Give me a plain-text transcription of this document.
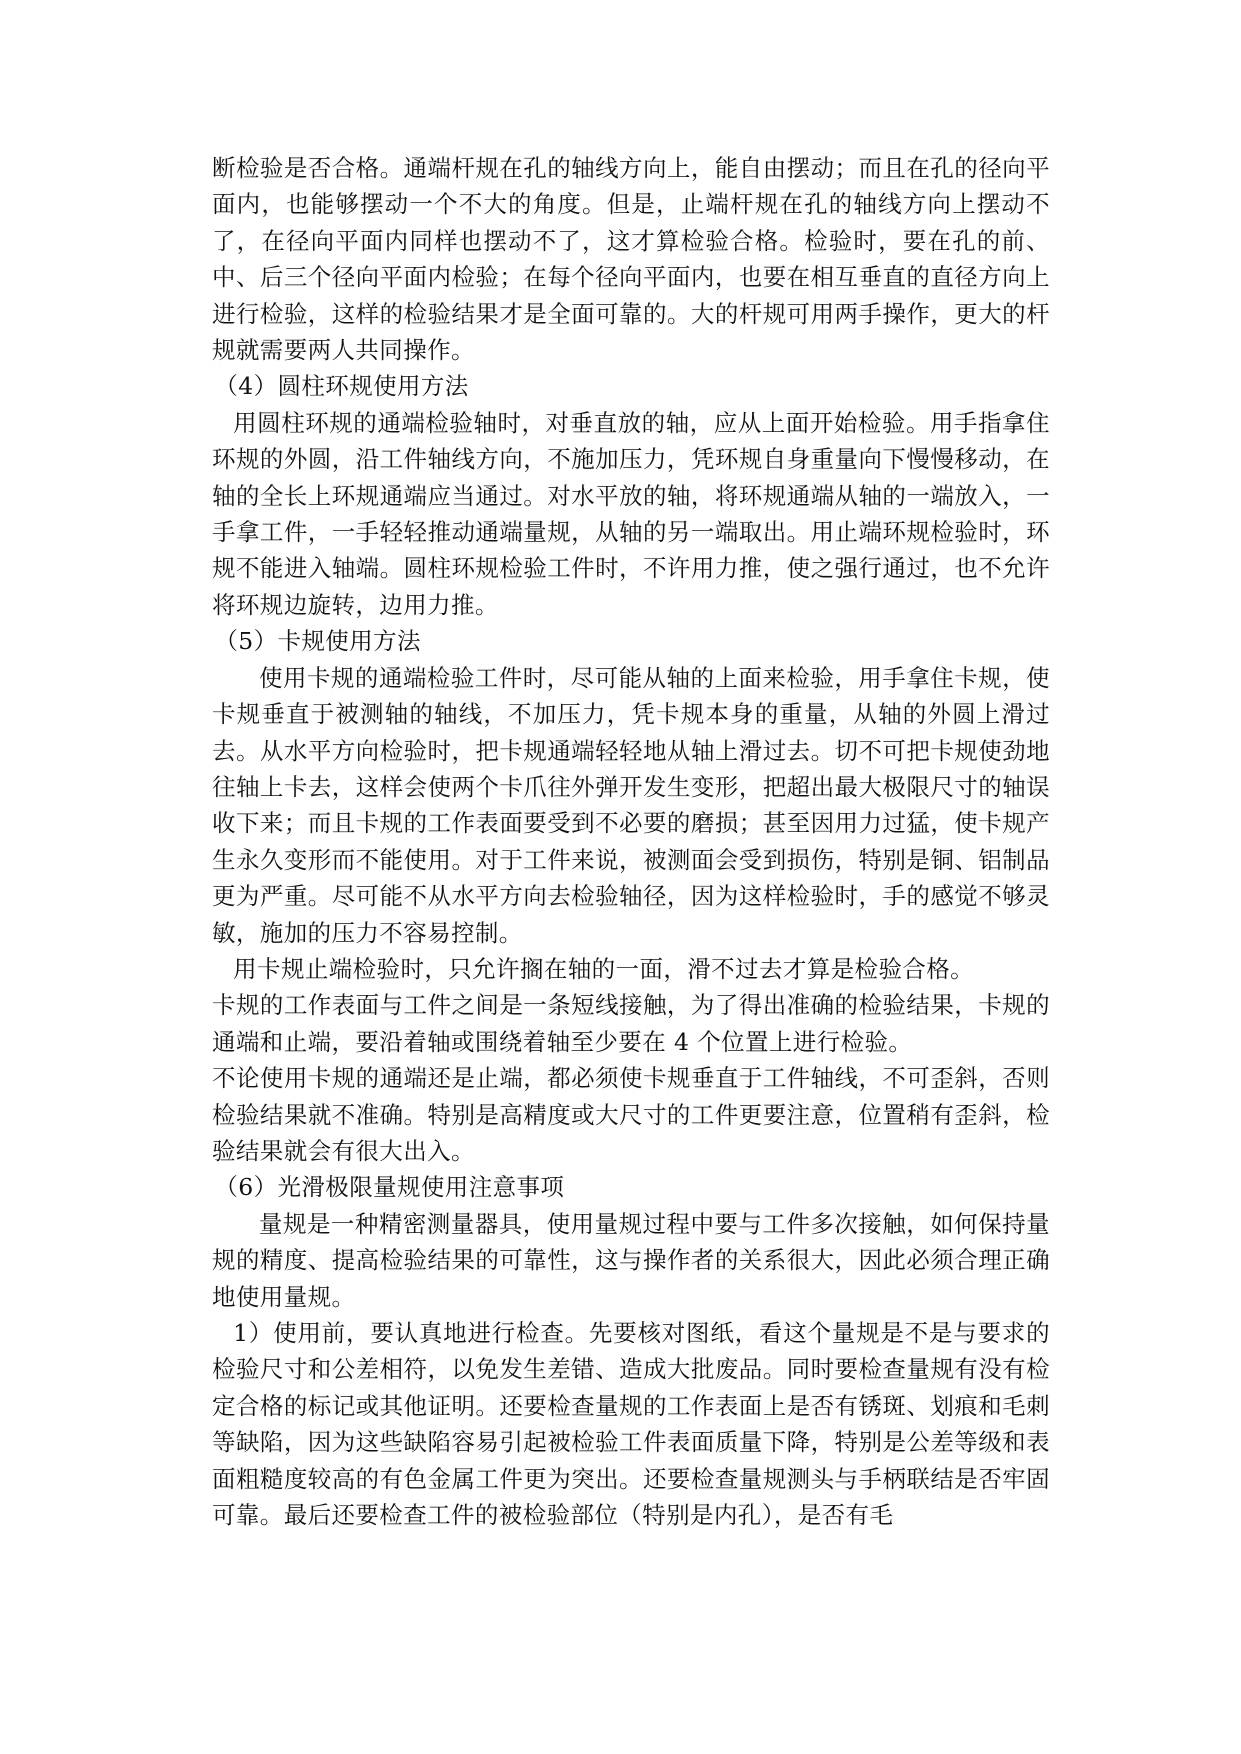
断检验是否合格。通端杆规在孔的轴线方向上，能自由摆动；而且在孔的径向平面内，也能够摆动一个不大的角度。但是，止端杆规在孔的轴线方向上摆动不了，在径向平面内同样也摆动不了，这才算检验合格。检验时，要在孔的前、中、后三个径向平面内检验；在每个径向平面内，也要在相互垂直的直径方向上进行检验，这样的检验结果才是全面可靠的。大的杆规可用两手操作，更大的杆规就需要两人共同操作。

（4）圆柱环规使用方法

用圆柱环规的通端检验轴时，对垂直放的轴，应从上面开始检验。用手指拿住环规的外圆，沿工件轴线方向，不施加压力，凭环规自身重量向下慢慢移动，在轴的全长上环规通端应当通过。对水平放的轴，将环规通端从轴的一端放入，一手拿工件，一手轻轻推动通端量规，从轴的另一端取出。用止端环规检验时，环规不能进入轴端。圆柱环规检验工件时，不许用力推，使之强行通过，也不允许将环规边旋转，边用力推。

（5）卡规使用方法

使用卡规的通端检验工件时，尽可能从轴的上面来检验，用手拿住卡规，使卡规垂直于被测轴的轴线，不加压力，凭卡规本身的重量，从轴的外圆上滑过去。从水平方向检验时，把卡规通端轻轻地从轴上滑过去。切不可把卡规使劲地往轴上卡去，这样会使两个卡爪往外弹开发生变形，把超出最大极限尺寸的轴误收下来；而且卡规的工作表面要受到不必要的磨损；甚至因用力过猛，使卡规产生永久变形而不能使用。对于工件来说，被测面会受到损伤，特别是铜、铝制品更为严重。尽可能不从水平方向去检验轴径，因为这样检验时，手的感觉不够灵敏，施加的压力不容易控制。

用卡规止端检验时，只允许搁在轴的一面，滑不过去才算是检验合格。

卡规的工作表面与工件之间是一条短线接触，为了得出准确的检验结果，卡规的通端和止端，要沿着轴或围绕着轴至少要在 4 个位置上进行检验。

不论使用卡规的通端还是止端，都必须使卡规垂直于工件轴线，不可歪斜，否则检验结果就不准确。特别是高精度或大尺寸的工件更要注意，位置稍有歪斜，检验结果就会有很大出入。

（6）光滑极限量规使用注意事项

量规是一种精密测量器具，使用量规过程中要与工件多次接触，如何保持量规的精度、提高检验结果的可靠性，这与操作者的关系很大，因此必须合理正确地使用量规。

1）使用前，要认真地进行检查。先要核对图纸，看这个量规是不是与要求的检验尺寸和公差相符，以免发生差错、造成大批废品。同时要检查量规有没有检定合格的标记或其他证明。还要检查量规的工作表面上是否有锈斑、划痕和毛刺等缺陷，因为这些缺陷容易引起被检验工件表面质量下降，特别是公差等级和表面粗糙度较高的有色金属工件更为突出。还要检查量规测头与手柄联结是否牢固可靠。最后还要检查工件的被检验部位（特别是内孔），是否有毛
